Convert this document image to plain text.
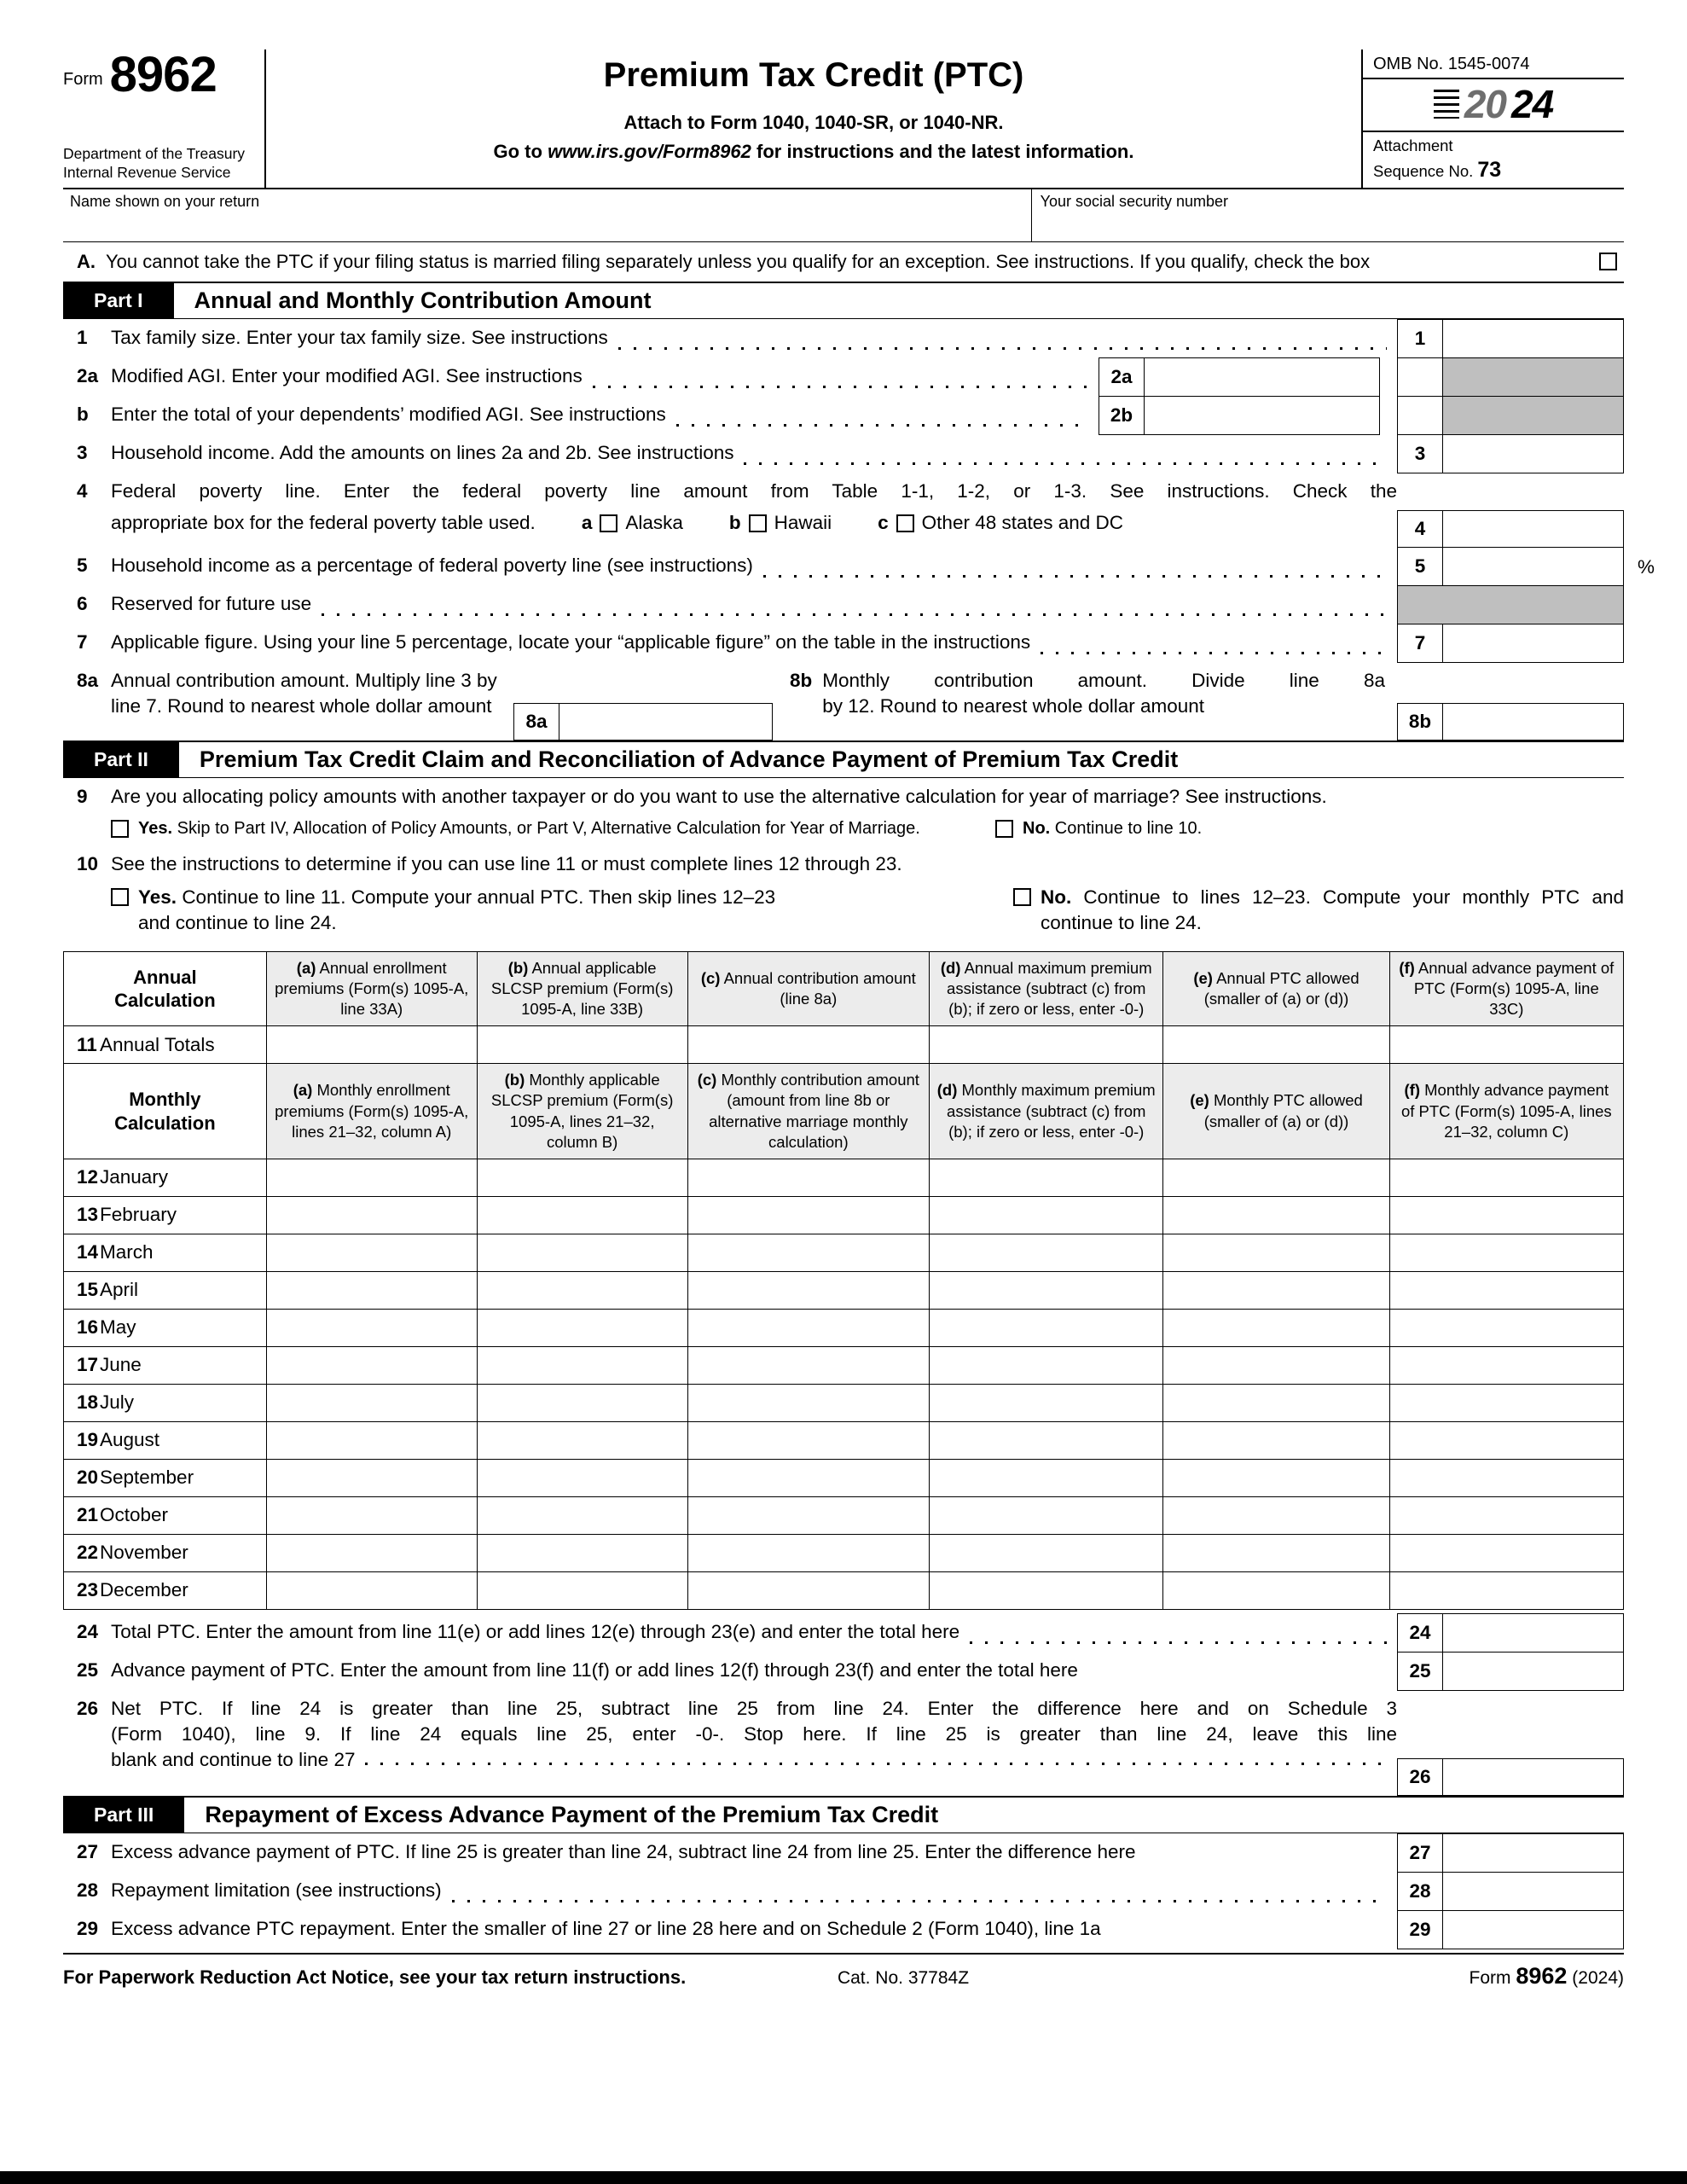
Form 8962
Department of the Treasury
Internal Revenue Service
Premium Tax Credit (PTC)
Attach to Form 1040, 1040-SR, or 1040-NR.
Go to www.irs.gov/Form8962 for instructions and the latest information.
OMB No. 1545-0074
20 24
Attachment
Sequence No. 73
Name shown on your return	Your social security number
A. You cannot take the PTC if your filing status is married filing separately unless you qualify for an exception. See instructions. If you qualify, check the box
Part I	Annual and Monthly Contribution Amount
1	Tax family size. Enter your tax family size. See instructions	1
2a Modified AGI. Enter your modified AGI. See instructions	2a
b	Enter the total of your dependents’ modified AGI. See instructions	2b
3	Household income. Add the amounts on lines 2a and 2b. See instructions	3
4	Federal poverty line. Enter the federal poverty line amount from Table 1-1, 1-2, or 1-3. See instructions. Check the
appropriate box for the federal poverty table used. a Alaska b Hawaii c Other 48 states and DC	4
5	Household income as a percentage of federal poverty line (see instructions)	5	%
6	Reserved for future use
7	Applicable figure. Using your line 5 percentage, locate your “applicable figure” on the table in the instructions	7
8a Annual contribution amount. Multiply line 3 by
line 7. Round to nearest whole dollar amount
8a
8b Monthly contribution amount. Divide line 8a
by 12. Round to nearest whole dollar amount
8b
Part II	Premium Tax Credit Claim and Reconciliation of Advance Payment of Premium Tax Credit
9	Are you allocating policy amounts with another taxpayer or do you want to use the alternative calculation for year of marriage? See instructions.
Yes. Skip to Part IV, Allocation of Policy Amounts, or Part V, Alternative Calculation for Year of Marriage.	No. Continue to line 10.
10 See the instructions to determine if you can use line 11 or must complete lines 12 through 23.
Yes. Continue to line 11. Compute your annual PTC. Then skip lines 12–23
and continue to line 24.
No. Continue to lines 12–23. Compute your monthly PTC and continue to line 24.
Annual Calculation	(a) Annual enrollment premiums (Form(s) 1095-A, line 33A)	(b) Annual applicable SLCSP premium (Form(s) 1095-A, line 33B)	(c) Annual contribution amount (line 8a)	(d) Annual maximum premium assistance (subtract (c) from (b); if zero or less, enter -0-)	(e) Annual PTC allowed (smaller of (a) or (d))	(f) Annual advance payment of PTC (Form(s) 1095-A, line 33C)
11 Annual Totals						
Monthly Calculation	(a) Monthly enrollment premiums (Form(s) 1095-A, lines 21–32, column A)	(b) Monthly applicable SLCSP premium (Form(s) 1095-A, lines 21–32, column B)	(c) Monthly contribution amount (amount from line 8b or alternative marriage monthly calculation)	(d) Monthly maximum premium assistance (subtract (c) from (b); if zero or less, enter -0-)	(e) Monthly PTC allowed (smaller of (a) or (d))	(f) Monthly advance payment of PTC (Form(s) 1095-A, lines 21–32, column C)
12January						
13February						
14March						
15April						
16May						
17June						
18July						
19August						
20September						
21October						
22November						
23December						
24 Total PTC. Enter the amount from line 11(e) or add lines 12(e) through 23(e) and enter the total here	24
25 Advance payment of PTC. Enter the amount from line 11(f) or add lines 12(f) through 23(f) and enter the total here	25
26 Net PTC. If line 24 is greater than line 25, subtract line 25 from line 24. Enter the difference here and on Schedule 3
(Form 1040), line 9. If line 24 equals line 25, enter -0-. Stop here. If line 25 is greater than line 24, leave this line
blank and continue to line 27
26
Part III	Repayment of Excess Advance Payment of the Premium Tax Credit
27 Excess advance payment of PTC. If line 25 is greater than line 24, subtract line 24 from line 25. Enter the difference here	27
28 Repayment limitation (see instructions)	28
29 Excess advance PTC repayment. Enter the smaller of line 27 or line 28 here and on Schedule 2 (Form 1040), line 1a	29
For Paperwork Reduction Act Notice, see your tax return instructions.	Cat. No. 37784Z	Form 8962 (2024)
